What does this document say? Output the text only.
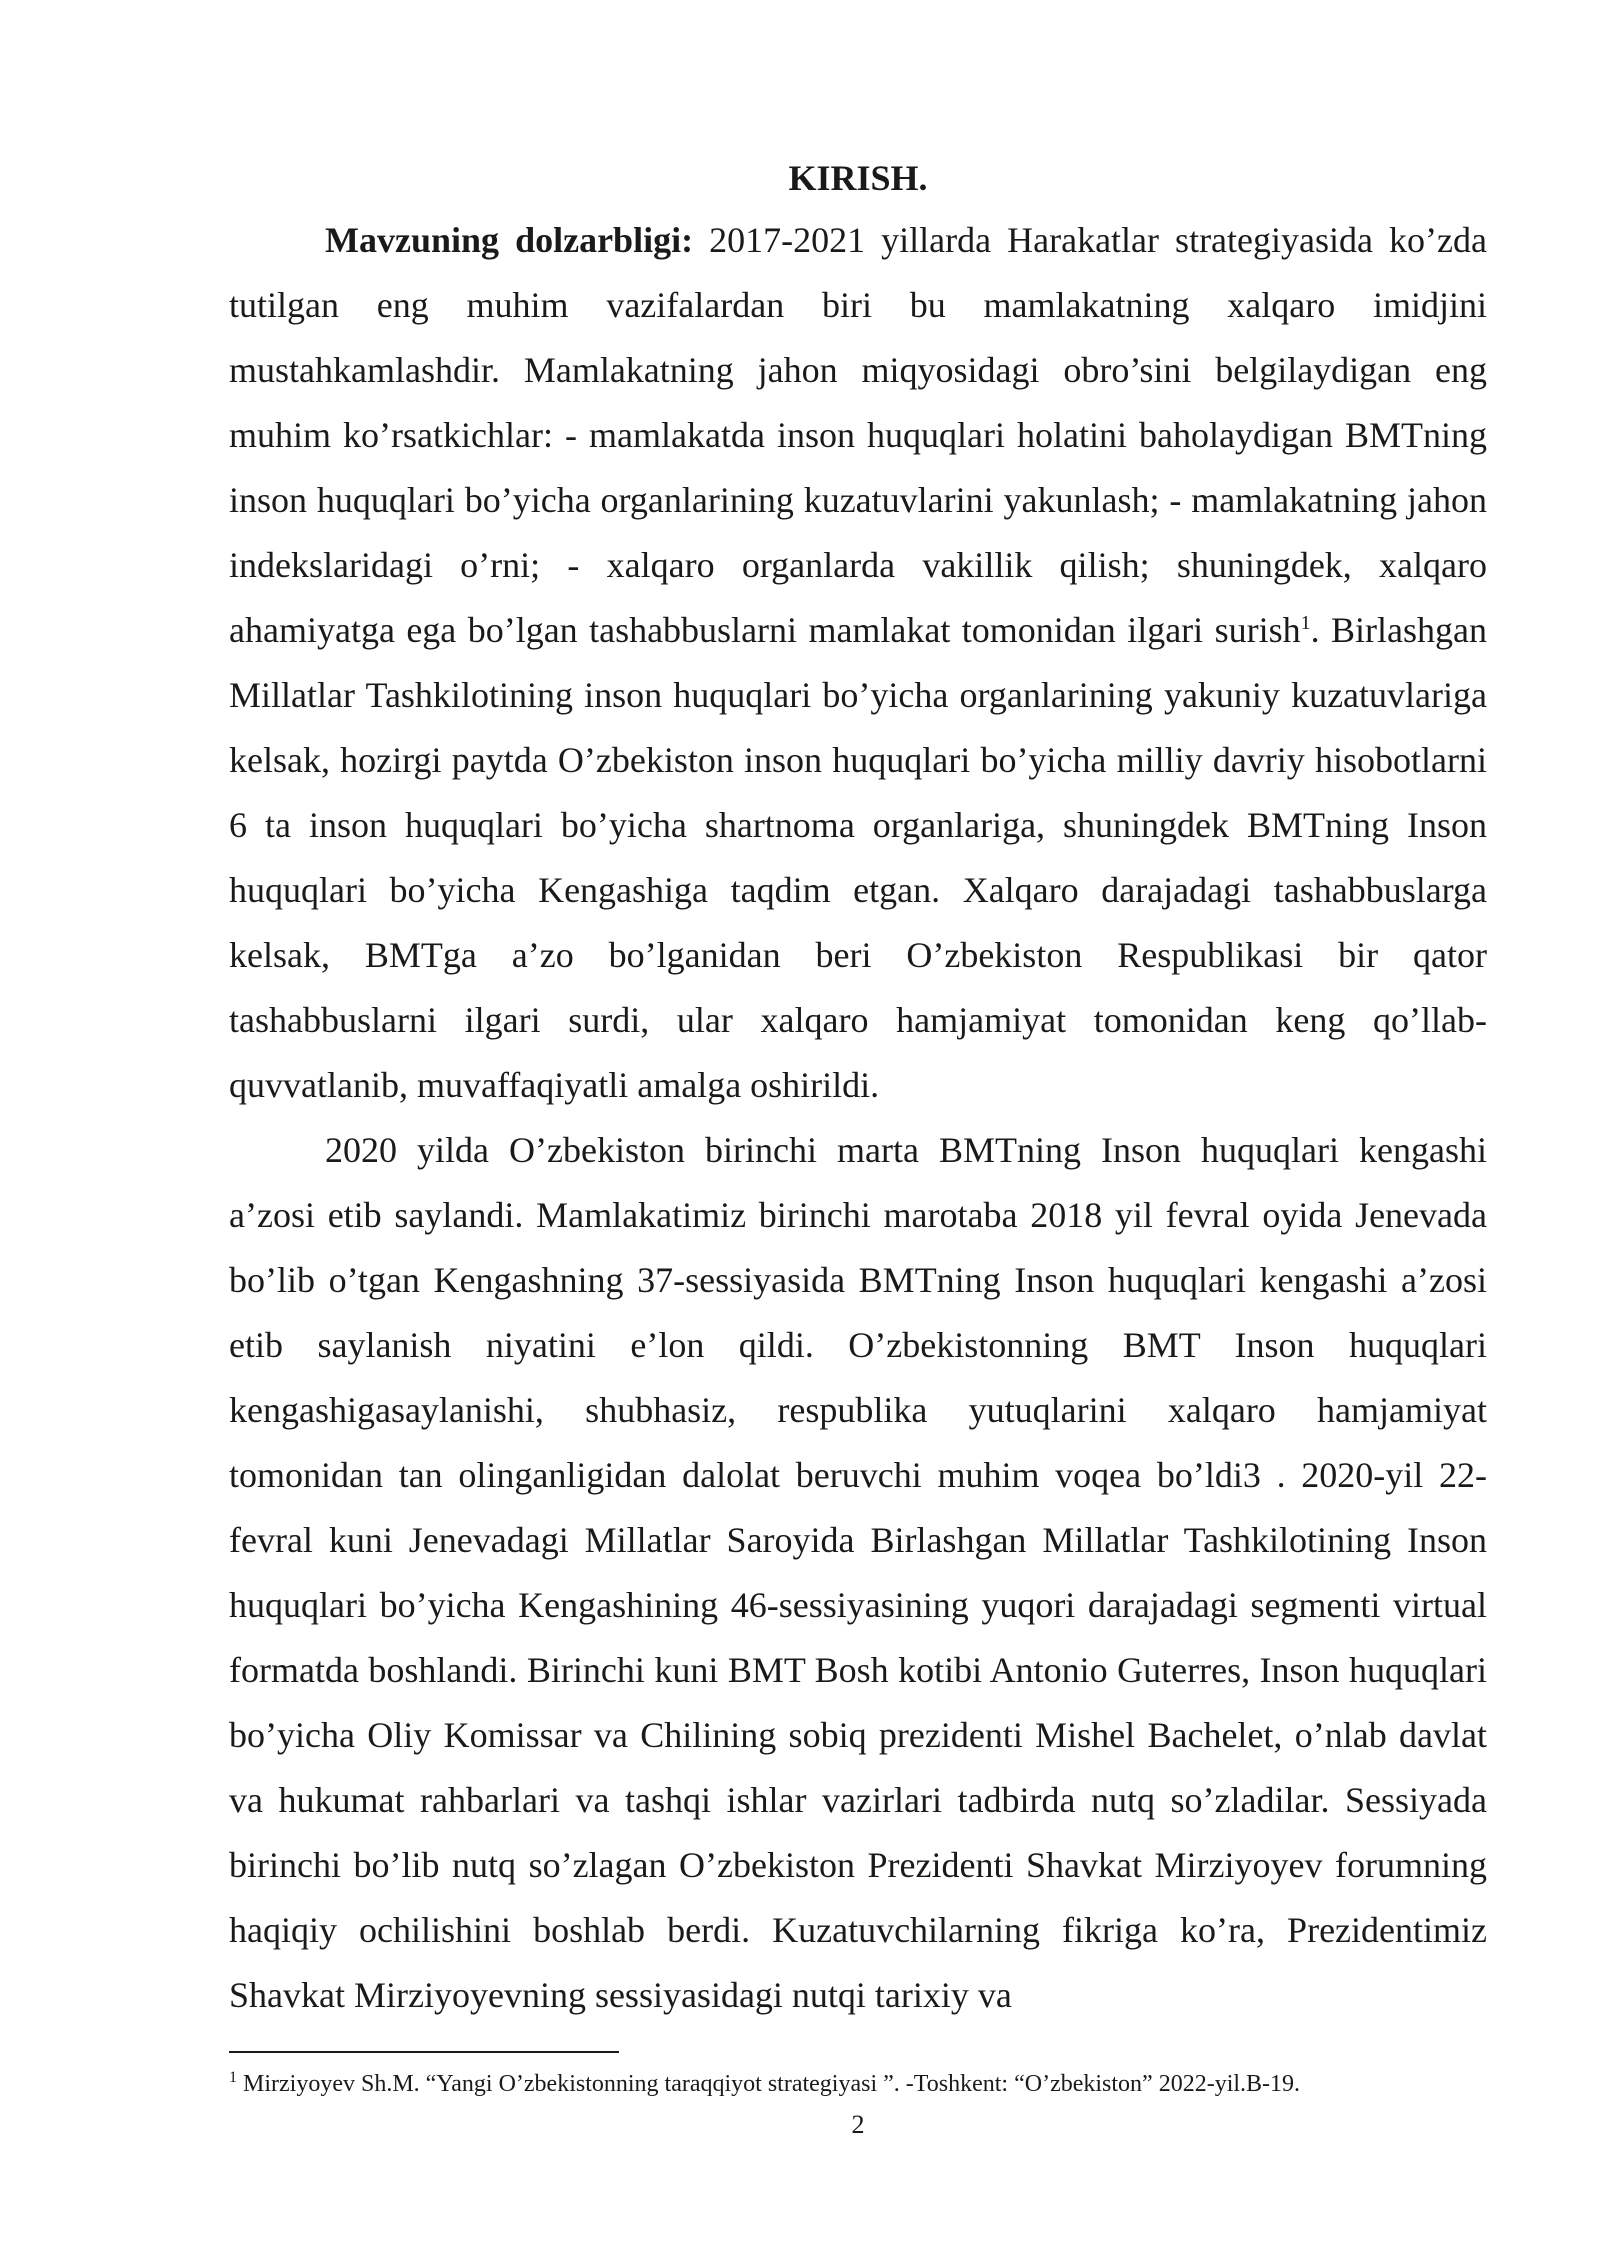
KIRISH.

Mavzuning dolzarbligi: 2017-2021 yillarda Harakatlar strategiyasida ko’zda tutilgan eng muhim vazifalardan biri bu mamlakatning xalqaro imidjini mustahkamlashdir. Mamlakatning jahon miqyosidagi obro’sini belgilaydigan eng muhim ko’rsatkichlar: - mamlakatda inson huquqlari holatini baholaydigan BMTning inson huquqlari bo’yicha organlarining kuzatuvlarini yakunlash; - mamlakatning jahon indekslaridagi o’rni; - xalqaro organlarda vakillik qilish; shuningdek, xalqaro ahamiyatga ega bo’lgan tashabbuslarni mamlakat tomonidan ilgari surish$^1$. Birlashgan Millatlar Tashkilotining inson huquqlari bo’yicha organlarining yakuniy kuzatuvlariga kelsak, hozirgi paytda O’zbekiston inson huquqlari bo’yicha milliy davriy hisobotlarni 6 ta inson huquqlari bo’yicha shartnoma organlariga, shuningdek BMTning Inson huquqlari bo’yicha Kengashiga taqdim etgan. Xalqaro darajadagi tashabbuslarga kelsak, BMTga a’zo bo’lganidan beri O’zbekiston Respublikasi bir qator tashabbuslarni ilgari surdi, ular xalqaro hamjamiyat tomonidan keng qo’llab-quvvatlanib, muvaffaqiyatli amalga oshirildi.

2020 yilda O’zbekiston birinchi marta BMTning Inson huquqlari kengashi a’zosi etib saylandi. Mamlakatimiz birinchi marotaba 2018 yil fevral oyida Jenevada bo’lib o’tgan Kengashning 37-sessiyasida BMTning Inson huquqlari kengashi a’zosi etib saylanish niyatini e’lon qildi. O’zbekistonning BMT Inson huquqlari kengashigasaylanishi, shubhasiz, respublika yutuqlarini xalqaro hamjamiyat tomonidan tan olinganligidan dalolat beruvchi muhim voqea bo’ldi3 . 2020-yil 22-fevral kuni Jenevadagi Millatlar Saroyida Birlashgan Millatlar Tashkilotining Inson huquqlari bo’yicha Kengashining 46-sessiyasining yuqori darajadagi segmenti virtual formatda boshlandi. Birinchi kuni BMT Bosh kotibi Antonio Guterres, Inson huquqlari bo’yicha Oliy Komissar va Chilining sobiq prezidenti Mishel Bachelet, o’nlab davlat va hukumat rahbarlari va tashqi ishlar vazirlari tadbirda nutq so’zladilar. Sessiyada birinchi bo’lib nutq so’zlagan O’zbekiston Prezidenti Shavkat Mirziyoyev forumning haqiqiy ochilishini boshlab berdi. Kuzatuvchilarning fikriga ko’ra, Prezidentimiz Shavkat Mirziyoyevning sessiyasidagi nutqi tarixiy va

$^1$ Mirziyoyev Sh.M. “Yangi O’zbekistonning taraqqiyot strategiyasi ”. -Toshkent: “O’zbekiston” 2022-yil.B-19.

2
